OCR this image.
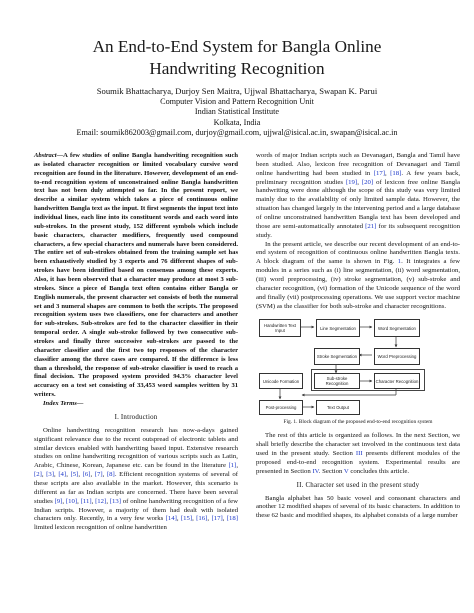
An End-to-End System for Bangla Online
Handwriting Recognition
Soumik Bhattacharya, Durjoy Sen Maitra, Ujjwal Bhattacharya, Swapan K. Parui
Computer Vision and Pattern Recognition Unit
Indian Statistical Institute
Kolkata, India
Email: soumik862003@gmail.com, durjoy@gmail.com, ujjwal@isical.ac.in, swapan@isical.ac.in

Abstract—A few studies of online Bangla handwriting recognition such as isolated character recognition or limited vocabulary cursive word recognition are found in the literature. However, development of an end-to-end recognition system of unconstrained online Bangla handwritten text has not been duly attempted so far. In the present report, we describe a similar system which takes a piece of continuous online handwritten Bangla text as the input. It first segments the input text into individual lines, each line into its constituent words and each word into sub-strokes. In the present study, 152 different symbols which include basic characters, character modifiers, frequently used compound characters, a few special characters and numerals have been considered. The entire set of sub-strokes obtained from the training sample set has been exhaustively studied by 3 experts and 76 different shapes of sub-strokes have been identified based on consensus among these experts. Also, it has been observed that a character may produce at most 3 sub-strokes. Since a piece of Bangla text often contains either Bangla or English numerals, the present character set consists of both the numeral set and 3 numeral shapes are common to both the scripts. The proposed recognition system uses two classifiers, one for characters and another for sub-strokes. Sub-strokes are fed to the character classifier in their temporal order. A single sub-stroke followed by two consecutive sub-strokes and finally three successive sub-strokes are passed to the character classifier and the first two top responses of the character classifier among the three cases are compared. If the difference is less than a threshold, the response of sub-stroke classifier is used to reach a final decision. The proposed system provided 94.3% character level accuracy on a test set consisting of 33,453 word samples written by 31 writers.

Index Terms—

I. Introduction

Online handwriting recognition research has now-a-days gained significant relevance due to the recent outspread of electronic tablets and similar devices enabled with handwriting based input. Extensive research studies on online handwriting recognition of various scripts such as Latin, Arabic, Chinese, Korean, Japanese etc. can be found in the literature [1], [2], [3], [4], [5], [6], [7], [8]. Efficient recognition systems of several of these scripts are also available in the market. However, this scenario is different as far as Indian scripts are concerned. There have been several studies [9], [10], [11], [12], [13] of online handwriting recognition of a few Indian scripts. However, a majority of them had dealt with isolated characters only. Recently, in a very few works [14], [15], [16], [17], [18] limited lexicon recognition of online handwritten

words of major Indian scripts such as Devanagari, Bangla and Tamil have been studied. Also, lexicon free recognition of Devanagari and Tamil online handwriting had been studied in [17], [18]. A few years back, preliminary recognition studies [19], [20] of lexicon free online Bangla handwriting were done although the scope of this study was very limited mainly due to the availability of only limited sample data. However, the situation has changed largely in the intervening period and a large database of online unconstrained handwritten Bangla text has been developed and those are semi-automatically annotated [21] for its subsequent recognition study.

In the present article, we describe our recent development of an end-to-end system of recognition of continuous online handwritten Bangla texts. A block diagram of the same is shown in Fig. 1. It integrates a few modules in a series such as (i) line segmentation, (ii) word segmentation, (iii) word preprocessing, (iv) stroke segmentation, (v) sub-stroke and character recognition, (vi) formation of the Unicode sequence of the word and finally (vii) postprocessing operations. We use support vector machine (SVM) as the classifier for both sub-stroke and character recognitions.

Handwritten Text Input	Line Segmentation	Word Segmentation
Word Preprocessing
Stroke Segmentation
Sub-stroke Recognition	Character Recognition
Unicode Formation
Post-processing	Text Output

Fig. 1. Block diagram of the proposed end-to-end recognition system

The rest of this article is organized as follows. In the next Section, we shall briefly describe the character set involved in the continuous text data used in the present study. Section III presents different modules of the proposed end-to-end recognition system. Experimental results are presented in Section IV. Section V concludes this article.

II. Character set used in the present study

Bangla alphabet has 50 basic vowel and consonant characters and another 12 modified shapes of several of its basic characters. In addition to these 62 basic and modified shapes, its alphabet consists of a large number
